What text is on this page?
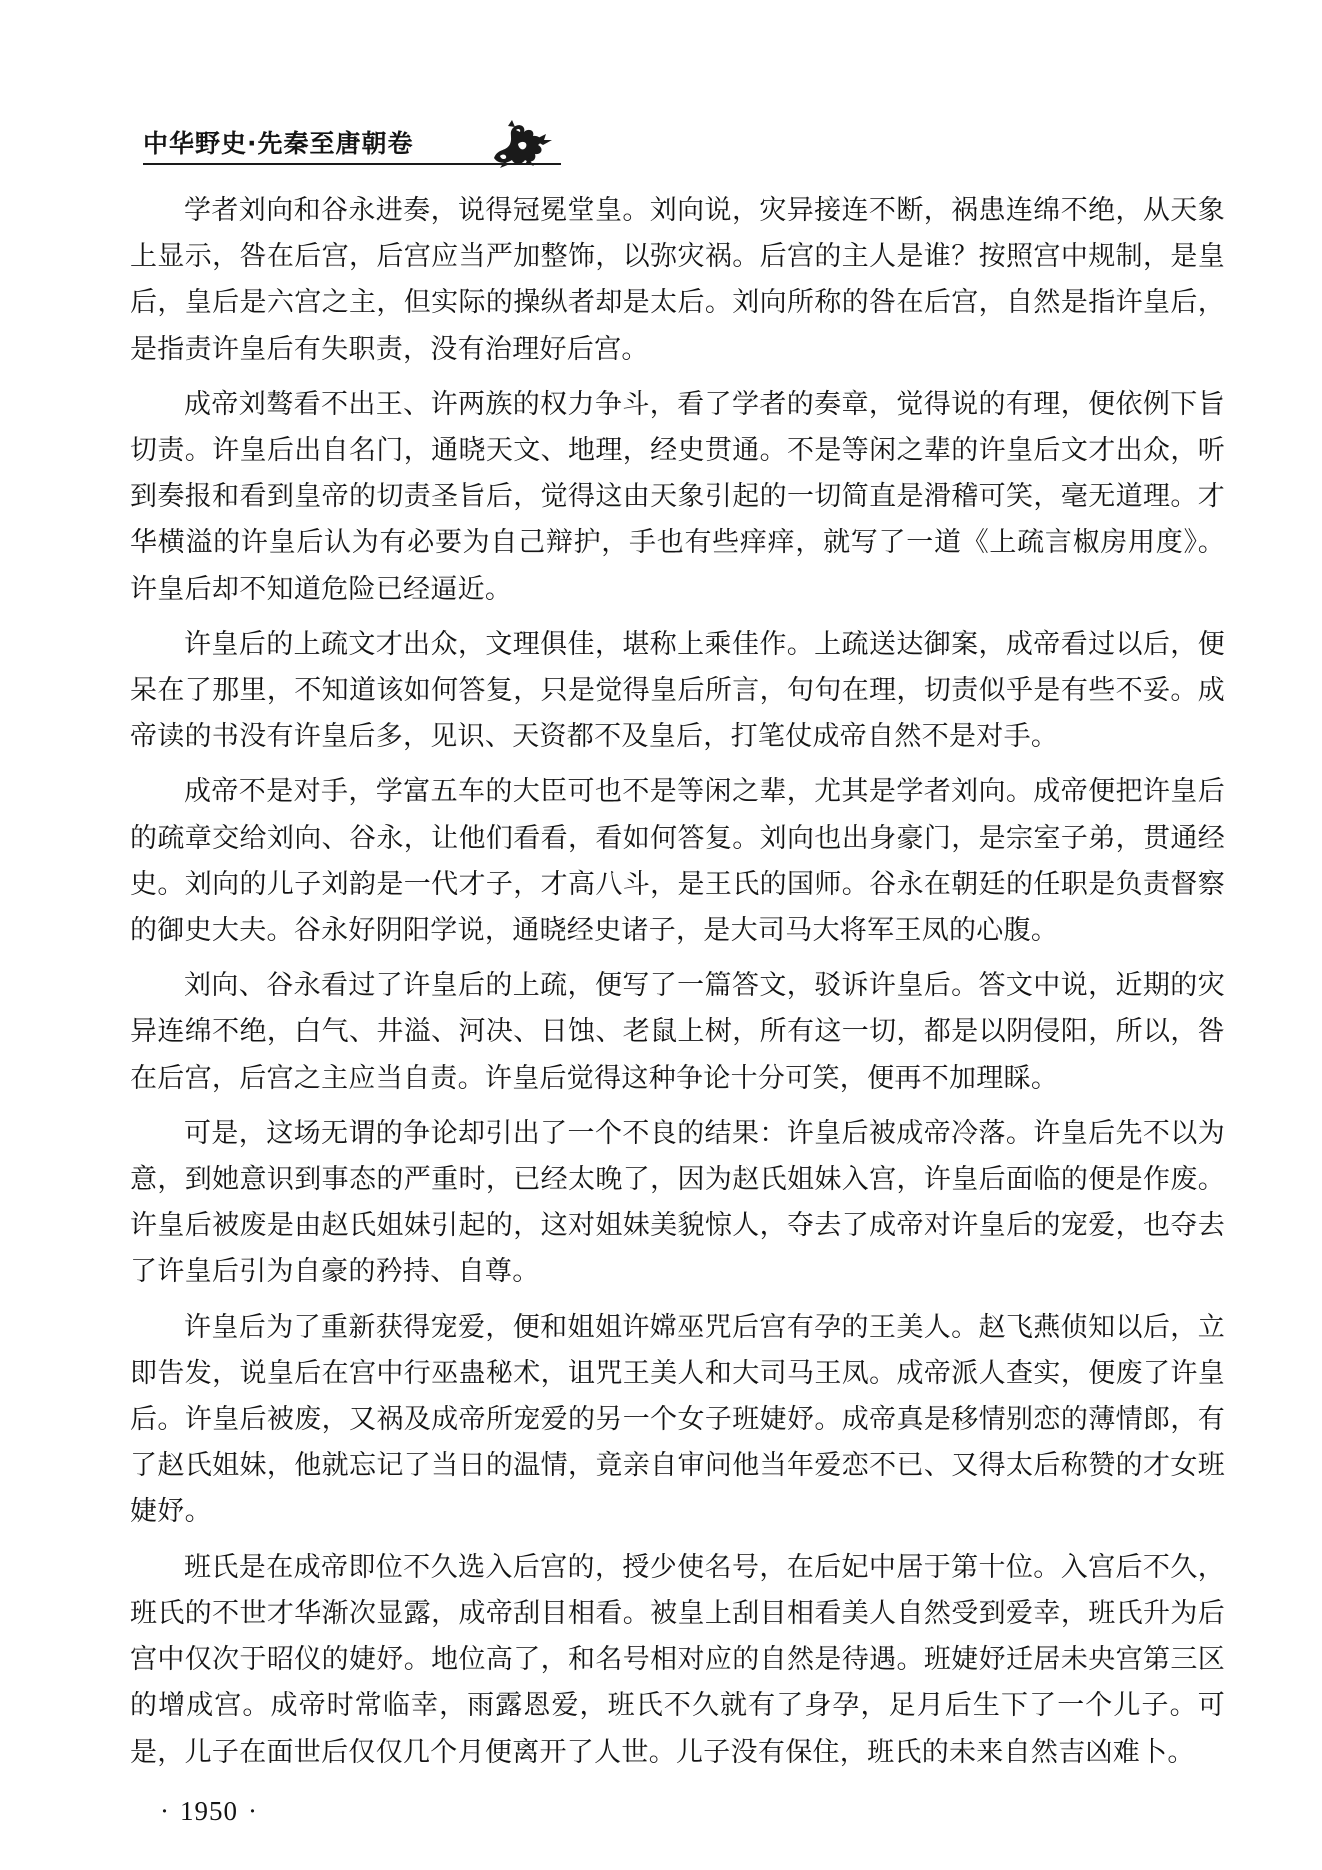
中华野史·先秦至唐朝卷

学者刘向和谷永进奏，说得冠冕堂皇。刘向说，灾异接连不断，祸患连绵不绝，从天象上显示，咎在后宫，后宫应当严加整饰，以弥灾祸。后宫的主人是谁？按照宫中规制，是皇后，皇后是六宫之主，但实际的操纵者却是太后。刘向所称的咎在后宫，自然是指许皇后，是指责许皇后有失职责，没有治理好后宫。

成帝刘骜看不出王、许两族的权力争斗，看了学者的奏章，觉得说的有理，便依例下旨切责。许皇后出自名门，通晓天文、地理，经史贯通。不是等闲之辈的许皇后文才出众，听到奏报和看到皇帝的切责圣旨后，觉得这由天象引起的一切简直是滑稽可笑，毫无道理。才华横溢的许皇后认为有必要为自己辩护，手也有些痒痒，就写了一道《上疏言椒房用度》。许皇后却不知道危险已经逼近。

许皇后的上疏文才出众，文理俱佳，堪称上乘佳作。上疏送达御案，成帝看过以后，便呆在了那里，不知道该如何答复，只是觉得皇后所言，句句在理，切责似乎是有些不妥。成帝读的书没有许皇后多，见识、天资都不及皇后，打笔仗成帝自然不是对手。

成帝不是对手，学富五车的大臣可也不是等闲之辈，尤其是学者刘向。成帝便把许皇后的疏章交给刘向、谷永，让他们看看，看如何答复。刘向也出身豪门，是宗室子弟，贯通经史。刘向的儿子刘韵是一代才子，才高八斗，是王氏的国师。谷永在朝廷的任职是负责督察的御史大夫。谷永好阴阳学说，通晓经史诸子，是大司马大将军王凤的心腹。

刘向、谷永看过了许皇后的上疏，便写了一篇答文，驳诉许皇后。答文中说，近期的灾异连绵不绝，白气、井溢、河决、日蚀、老鼠上树，所有这一切，都是以阴侵阳，所以，咎在后宫，后宫之主应当自责。许皇后觉得这种争论十分可笑，便再不加理睬。

可是，这场无谓的争论却引出了一个不良的结果：许皇后被成帝冷落。许皇后先不以为意，到她意识到事态的严重时，已经太晚了，因为赵氏姐妹入宫，许皇后面临的便是作废。许皇后被废是由赵氏姐妹引起的，这对姐妹美貌惊人，夺去了成帝对许皇后的宠爱，也夺去了许皇后引为自豪的矜持、自尊。

许皇后为了重新获得宠爱，便和姐姐许嫦巫咒后宫有孕的王美人。赵飞燕侦知以后，立即告发，说皇后在宫中行巫蛊秘术，诅咒王美人和大司马王凤。成帝派人查实，便废了许皇后。许皇后被废，又祸及成帝所宠爱的另一个女子班婕妤。成帝真是移情别恋的薄情郎，有了赵氏姐妹，他就忘记了当日的温情，竟亲自审问他当年爱恋不已、又得太后称赞的才女班婕妤。

班氏是在成帝即位不久选入后宫的，授少使名号，在后妃中居于第十位。入宫后不久，班氏的不世才华渐次显露，成帝刮目相看。被皇上刮目相看美人自然受到爱幸，班氏升为后宫中仅次于昭仪的婕妤。地位高了，和名号相对应的自然是待遇。班婕妤迁居未央宫第三区的增成宫。成帝时常临幸，雨露恩爱，班氏不久就有了身孕，足月后生下了一个儿子。可是，儿子在面世后仅仅几个月便离开了人世。儿子没有保住，班氏的未来自然吉凶难卜。

· 1950 ·
